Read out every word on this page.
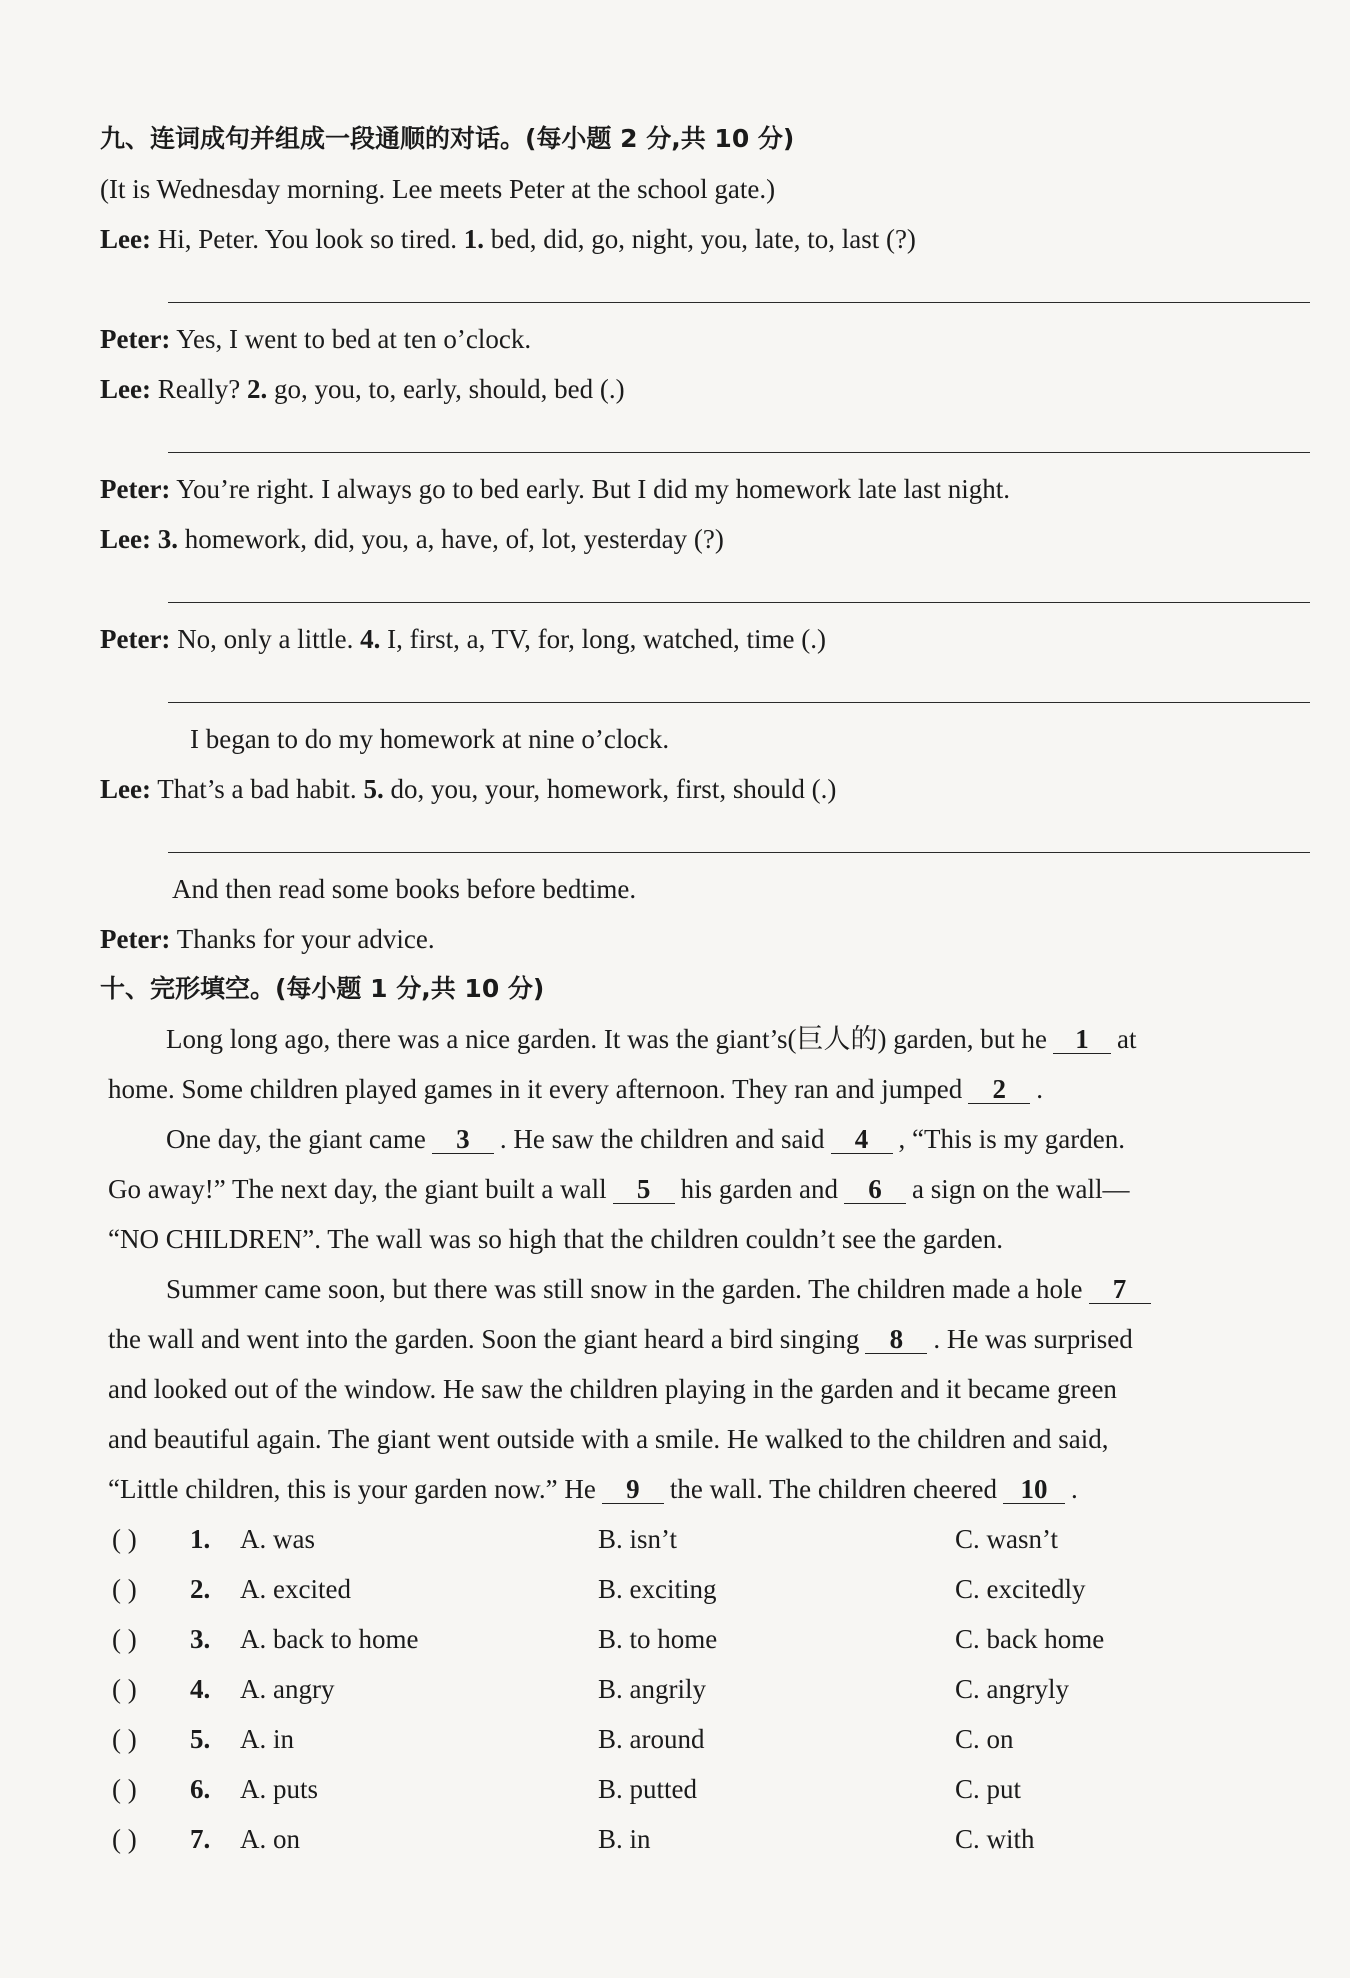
九、连词成句并组成一段通顺的对话。(每小题 2 分,共 10 分)
(It is Wednesday morning. Lee meets Peter at the school gate.)
Lee: Hi, Peter. You look so tired. 1. bed, did, go, night, you, late, to, last (?)
Peter: Yes, I went to bed at ten o’clock.
Lee: Really? 2. go, you, to, early, should, bed (.)
Peter: You’re right. I always go to bed early. But I did my homework late last night.
Lee: 3. homework, did, you, a, have, of, lot, yesterday (?)
Peter: No, only a little. 4. I, first, a, TV, for, long, watched, time (.)
I began to do my homework at nine o’clock.
Lee: That’s a bad habit. 5. do, you, your, homework, first, should (.)
And then read some books before bedtime.
Peter: Thanks for your advice.
十、完形填空。(每小题 1 分,共 10 分)
Long long ago, there was a nice garden. It was the giant’s(巨人的) garden, but he 1 at
home. Some children played games in it every afternoon. They ran and jumped 2 .
One day, the giant came 3 . He saw the children and said 4 , “This is my garden.
Go away!” The next day, the giant built a wall 5 his garden and 6 a sign on the wall—
“NO CHILDREN”. The wall was so high that the children couldn’t see the garden.
Summer came soon, but there was still snow in the garden. The children made a hole 7
the wall and went into the garden. Soon the giant heard a bird singing 8 . He was surprised
and looked out of the window. He saw the children playing in the garden and it became green
and beautiful again. The giant went outside with a smile. He walked to the children and said,
“Little children, this is your garden now.” He 9 the wall. The children cheered 10 .
( ) 1. A. was	B. isn’t	C. wasn’t
( ) 2. A. excited	B. exciting	C. excitedly
( ) 3. A. back to home	B. to home	C. back home
( ) 4. A. angry	B. angrily	C. angryly
( ) 5. A. in	B. around	C. on
( ) 6. A. puts	B. putted	C. put
( ) 7. A. on	B. in	C. with
